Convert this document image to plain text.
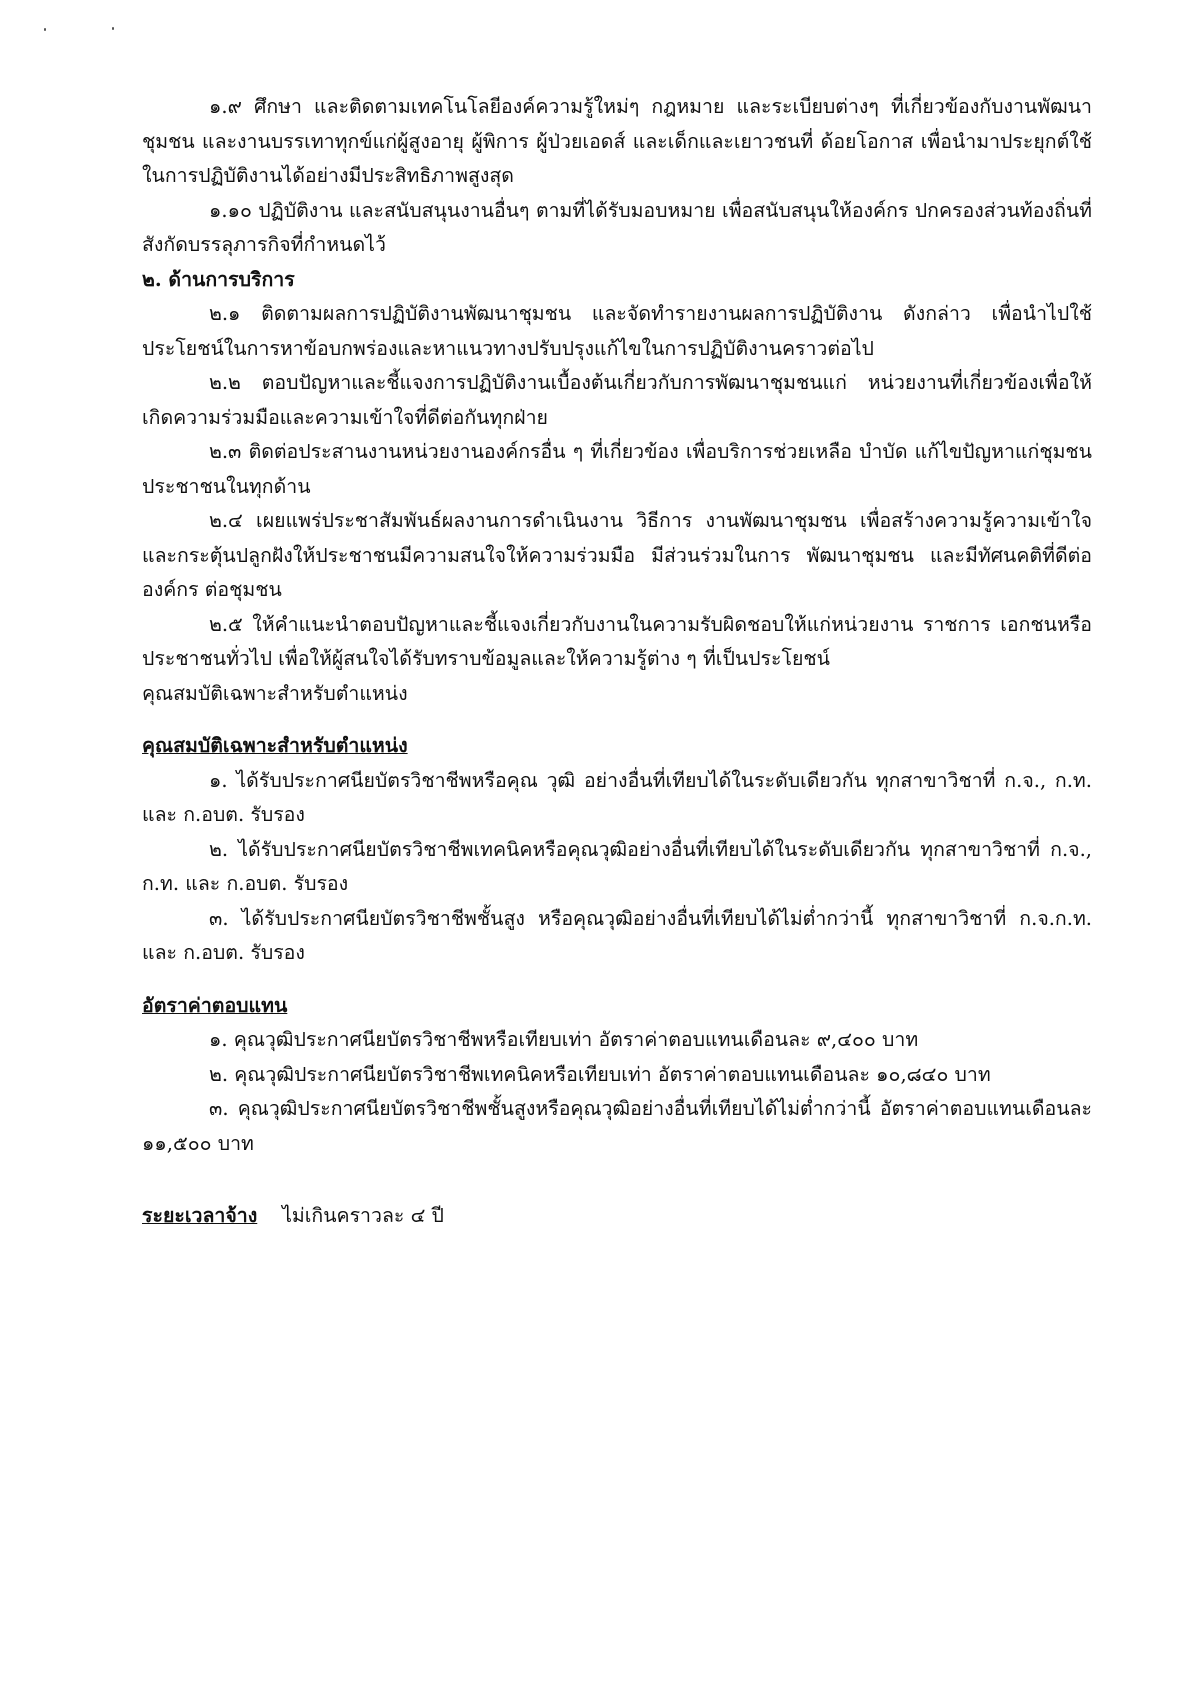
๑.๙ ศึกษา และติดตามเทคโนโลยีองค์ความรู้ใหม่ๆ กฎหมาย และระเบียบต่างๆ ที่เกี่ยวข้องกับงานพัฒนาชุมชน และงานบรรเทาทุกข์แก่ผู้สูงอายุ ผู้พิการ ผู้ป่วยเอดส์ และเด็กและเยาวชนที่ ด้อยโอกาส เพื่อนำมาประยุกต์ใช้ในการปฏิบัติงานได้อย่างมีประสิทธิภาพสูงสุด

๑.๑๐ ปฏิบัติงาน และสนับสนุนงานอื่นๆ ตามที่ได้รับมอบหมาย เพื่อสนับสนุนให้องค์กร ปกครองส่วนท้องถิ่นที่สังกัดบรรลุภารกิจที่กำหนดไว้

๒. ด้านการบริการ

๒.๑ ติดตามผลการปฏิบัติงานพัฒนาชุมชน และจัดทำรายงานผลการปฏิบัติงาน ดังกล่าว เพื่อนำไปใช้ประโยชน์ในการหาข้อบกพร่องและหาแนวทางปรับปรุงแก้ไขในการปฏิบัติงานคราวต่อไป

๒.๒ ตอบปัญหาและชี้แจงการปฏิบัติงานเบื้องต้นเกี่ยวกับการพัฒนาชุมชนแก่ หน่วยงานที่เกี่ยวข้องเพื่อให้เกิดความร่วมมือและความเข้าใจที่ดีต่อกันทุกฝ่าย

๒.๓ ติดต่อประสานงานหน่วยงานองค์กรอื่น ๆ ที่เกี่ยวข้อง เพื่อบริการช่วยเหลือ บำบัด แก้ไขปัญหาแก่ชุมชน ประชาชนในทุกด้าน

๒.๔ เผยแพร่ประชาสัมพันธ์ผลงานการดำเนินงาน วิธีการ งานพัฒนาชุมชน เพื่อสร้างความรู้ความเข้าใจและกระตุ้นปลูกฝังให้ประชาชนมีความสนใจให้ความร่วมมือ มีส่วนร่วมในการ พัฒนาชุมชน และมีทัศนคติที่ดีต่อองค์กร ต่อชุมชน

๒.๕ ให้คำแนะนำตอบปัญหาและชี้แจงเกี่ยวกับงานในความรับผิดชอบให้แก่หน่วยงาน ราชการ เอกชนหรือประชาชนทั่วไป เพื่อให้ผู้สนใจได้รับทราบข้อมูลและให้ความรู้ต่าง ๆ ที่เป็นประโยชน์

คุณสมบัติเฉพาะสำหรับตำแหน่ง

คุณสมบัติเฉพาะสำหรับตำแหน่ง

๑. ได้รับประกาศนียบัตรวิชาชีพหรือคุณ วุฒิ อย่างอื่นที่เทียบได้ในระดับเดียวกัน ทุกสาขาวิชาที่ ก.จ., ก.ท. และ ก.อบต. รับรอง

๒. ได้รับประกาศนียบัตรวิชาชีพเทคนิคหรือคุณวุฒิอย่างอื่นที่เทียบได้ในระดับเดียวกัน ทุกสาขาวิชาที่ ก.จ., ก.ท. และ ก.อบต. รับรอง

๓. ได้รับประกาศนียบัตรวิชาชีพชั้นสูง หรือคุณวุฒิอย่างอื่นที่เทียบได้ไม่ต่ำกว่านี้ ทุกสาขาวิชาที่ ก.จ.ก.ท. และ ก.อบต. รับรอง

อัตราค่าตอบแทน

๑. คุณวุฒิประกาศนียบัตรวิชาชีพหรือเทียบเท่า อัตราค่าตอบแทนเดือนละ ๙,๔๐๐ บาท

๒. คุณวุฒิประกาศนียบัตรวิชาชีพเทคนิคหรือเทียบเท่า อัตราค่าตอบแทนเดือนละ ๑๐,๘๔๐ บาท

๓. คุณวุฒิประกาศนียบัตรวิชาชีพชั้นสูงหรือคุณวุฒิอย่างอื่นที่เทียบได้ไม่ต่ำกว่านี้ อัตราค่าตอบแทนเดือนละ ๑๑,๕๐๐ บาท

ระยะเวลาจ้าง ไม่เกินคราวละ ๔ ปี
